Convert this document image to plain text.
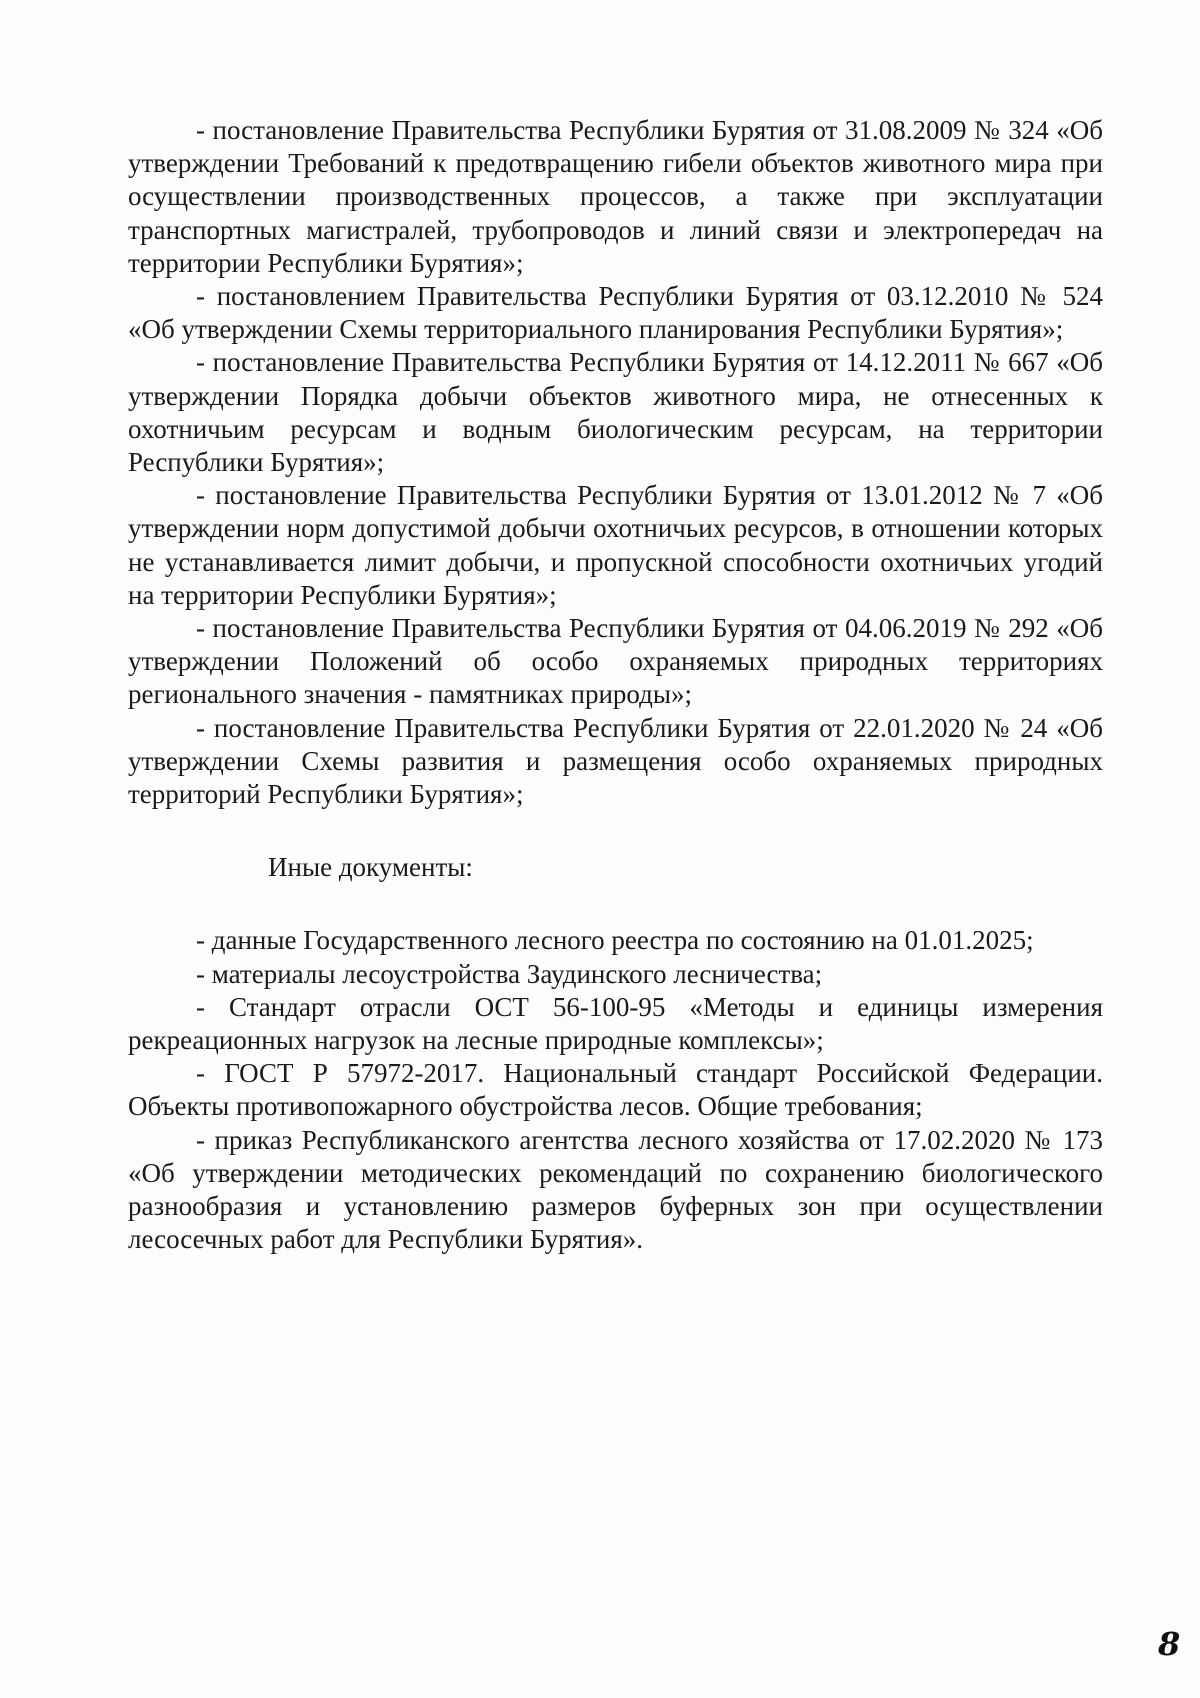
- постановление Правительства Республики Бурятия от 31.08.2009 № 324 «Об утверждении Требований к предотвращению гибели объектов животного мира при осуществлении производственных процессов, а также при эксплуатации транспортных магистралей, трубопроводов и линий связи и электропередач на территории Республики Бурятия»;

- постановлением Правительства Республики Бурятия от 03.12.2010 № 524 «Об утверждении Схемы территориального планирования Республики Бурятия»;

- постановление Правительства Республики Бурятия от 14.12.2011 № 667 «Об утверждении Порядка добычи объектов животного мира, не отнесенных к охотничьим ресурсам и водным биологическим ресурсам, на территории Республики Бурятия»;

- постановление Правительства Республики Бурятия от 13.01.2012 № 7 «Об утверждении норм допустимой добычи охотничьих ресурсов, в отношении которых не устанавливается лимит добычи, и пропускной способности охотничьих угодий на территории Республики Бурятия»;

- постановление Правительства Республики Бурятия от 04.06.2019 № 292 «Об утверждении Положений об особо охраняемых природных территориях регионального значения - памятниках природы»;

- постановление Правительства Республики Бурятия от 22.01.2020 № 24 «Об утверждении Схемы развития и размещения особо охраняемых природных территорий Республики Бурятия»;

Иные документы:

- данные Государственного лесного реестра по состоянию на 01.01.2025;

- материалы лесоустройства Заудинского лесничества;

- Стандарт отрасли ОСТ 56-100-95 «Методы и единицы измерения рекреационных нагрузок на лесные природные комплексы»;

- ГОСТ Р 57972-2017. Национальный стандарт Российской Федерации. Объекты противопожарного обустройства лесов. Общие требования;

- приказ Республиканского агентства лесного хозяйства от 17.02.2020 № 173 «Об утверждении методических рекомендаций по сохранению биологического разнообразия и установлению размеров буферных зон при осуществлении лесосечных работ для Республики Бурятия».

8
